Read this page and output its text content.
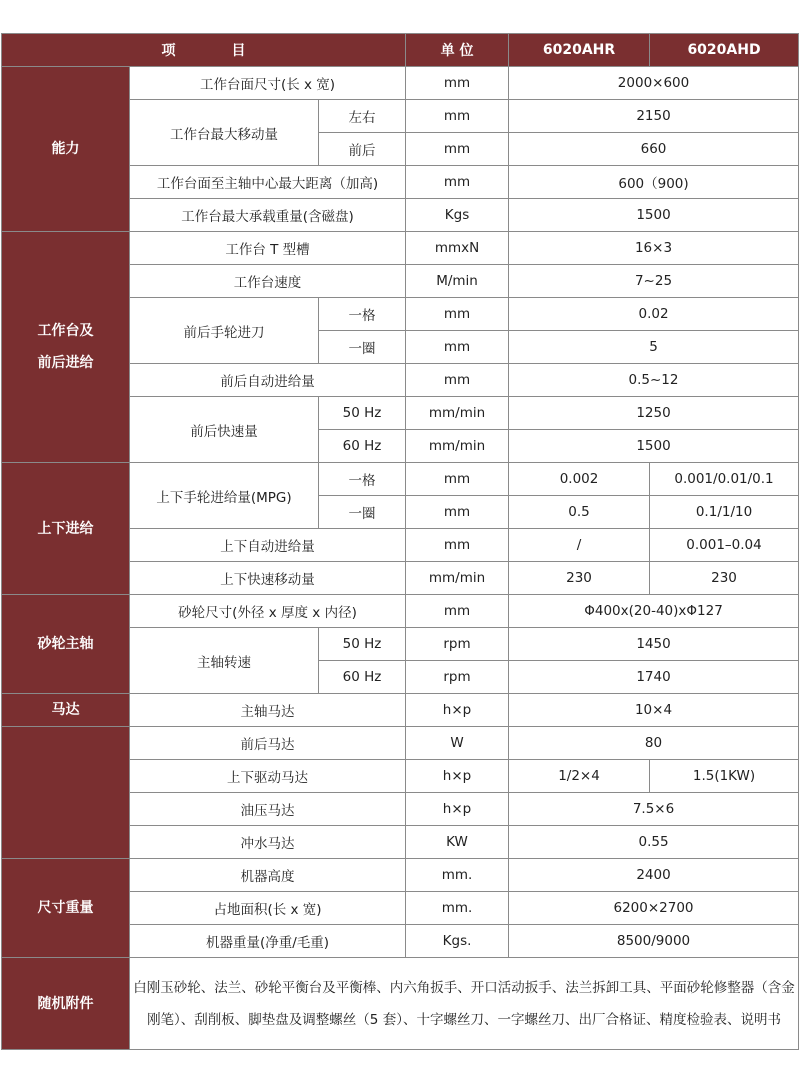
项　　　　目			单 位	6020AHR	6020AHD
能力	工作台面尺寸(长 x 宽)		mm	2000×600	
	工作台最大移动量	左右	mm	2150	
		前后	mm	660	
	工作台面至主轴中心最大距离（加高)		mm	600（900)	
	工作台最大承载重量(含磁盘)		Kgs	1500	
工作台及
前后进给	工作台 T 型槽		mmxN	16×3	
	工作台速度		M/min	7~25	
	前后手轮进刀	一格	mm	0.02	
		一圈	mm	5	
	前后自动进给量		mm	0.5~12	
	前后快速量	50 Hz	mm/min	1250	
		60 Hz	mm/min	1500	
上下进给	上下手轮进给量(MPG)	一格	mm	0.002	0.001/0.01/0.1
		一圈	mm	0.5	0.1/1/10
	上下自动进给量		mm	/	0.001–0.04
	上下快速移动量		mm/min	230	230
砂轮主轴	砂轮尺寸(外径 x 厚度 x 内径)		mm	Φ400x(20-40)xΦ127	
	主轴转速	50 Hz	rpm	1450	
		60 Hz	rpm	1740	
马达	主轴马达		h×p	10×4	
	前后马达		W	80	
	上下驱动马达		h×p	1/2×4	1.5(1KW)
	油压马达		h×p	7.5×6	
	冲水马达		KW	0.55	
尺寸重量	机器高度		mm.	2400	
	占地面积(长 x 宽)		mm.	6200×2700	
	机器重量(净重/毛重)		Kgs.	8500/9000	
随机附件	白刚玉砂轮、法兰、砂轮平衡台及平衡棒、内六角扳手、开口活动扳手、法兰拆卸工具、平面砂轮修整器（含金刚笔）、刮削板、脚垫盘及调整螺丝（5 套）、十字螺丝刀、一字螺丝刀、出厂合格证、精度检验表、说明书				
